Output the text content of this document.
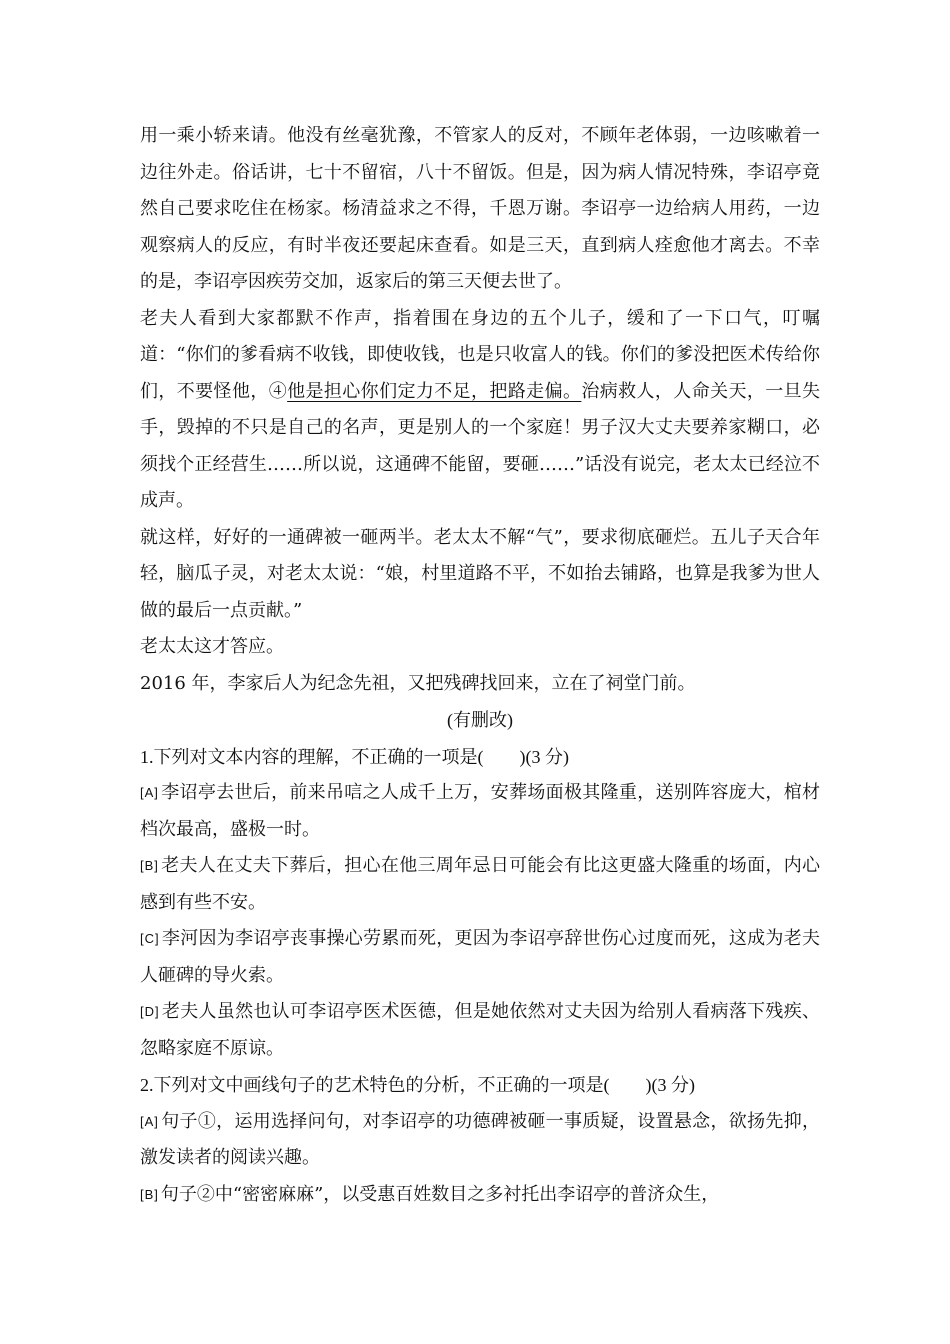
用一乘小轿来请。他没有丝毫犹豫，不管家人的反对，不顾年老体弱，一边咳嗽着一边往外走。俗话讲，七十不留宿，八十不留饭。但是，因为病人情况特殊，李诏亭竟然自己要求吃住在杨家。杨清益求之不得，千恩万谢。李诏亭一边给病人用药，一边观察病人的反应，有时半夜还要起床查看。如是三天，直到病人痊愈他才离去。不幸的是，李诏亭因疾劳交加，返家后的第三天便去世了。

老夫人看到大家都默不作声，指着围在身边的五个儿子，缓和了一下口气，叮嘱道：“你们的爹看病不收钱，即使收钱，也是只收富人的钱。你们的爹没把医术传给你们，不要怪他，④他是担心你们定力不足，把路走偏。治病救人，人命关天，一旦失手，毁掉的不只是自己的名声，更是别人的一个家庭！男子汉大丈夫要养家糊口，必须找个正经营生……所以说，这通碑不能留，要砸……”话没有说完，老太太已经泣不成声。

就这样，好好的一通碑被一砸两半。老太太不解“气”，要求彻底砸烂。五儿子天合年轻，脑瓜子灵，对老太太说：“娘，村里道路不平，不如抬去铺路，也算是我爹为世人做的最后一点贡献。”

老太太这才答应。

2016 年，李家后人为纪念先祖，又把残碑找回来，立在了祠堂门前。

(有删改)

1.下列对文本内容的理解，不正确的一项是(　　)(3 分)

[A] 李诏亭去世后，前来吊唁之人成千上万，安葬场面极其隆重，送别阵容庞大，棺材档次最高，盛极一时。

[B] 老夫人在丈夫下葬后，担心在他三周年忌日可能会有比这更盛大隆重的场面，内心感到有些不安。

[C] 李河因为李诏亭丧事操心劳累而死，更因为李诏亭辞世伤心过度而死，这成为老夫人砸碑的导火索。

[D] 老夫人虽然也认可李诏亭医术医德，但是她依然对丈夫因为给别人看病落下残疾、忽略家庭不原谅。

2.下列对文中画线句子的艺术特色的分析，不正确的一项是(　　)(3 分)

[A] 句子①，运用选择问句，对李诏亭的功德碑被砸一事质疑，设置悬念，欲扬先抑，激发读者的阅读兴趣。

[B] 句子②中“密密麻麻”，以受惠百姓数目之多衬托出李诏亭的普济众生，
